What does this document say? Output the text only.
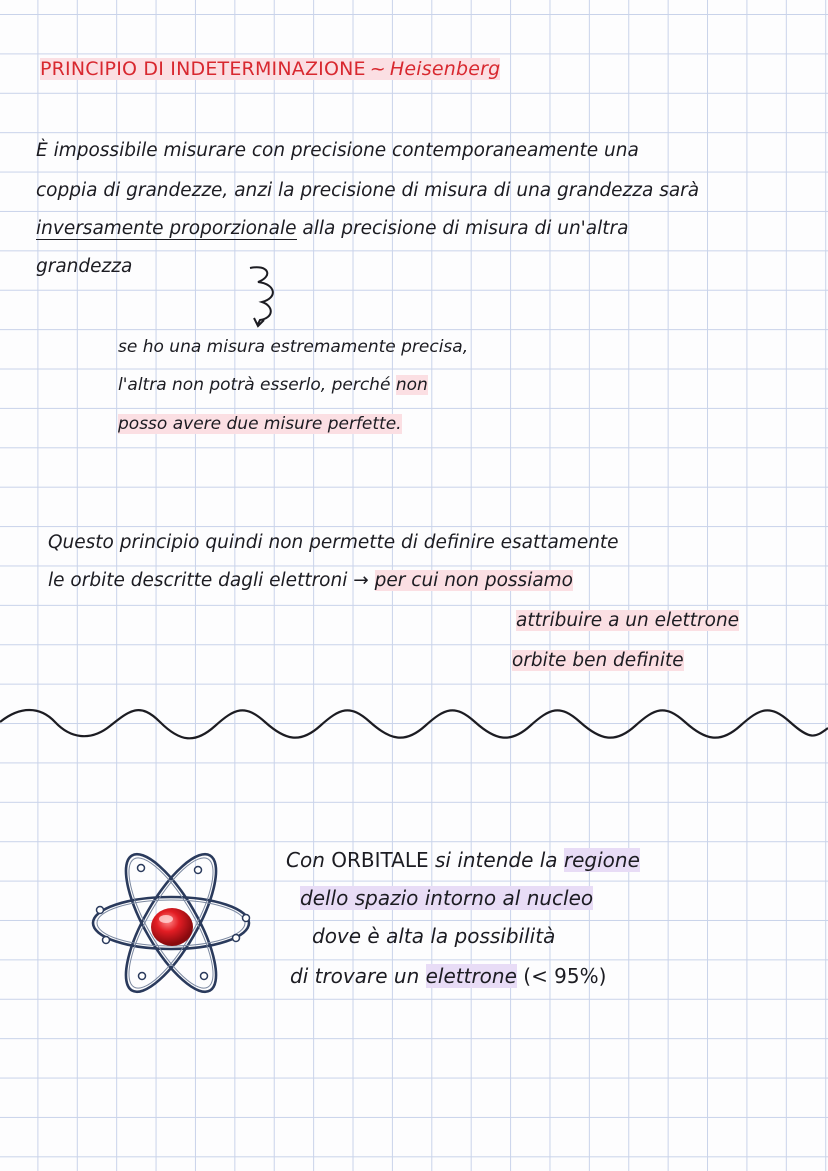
PRINCIPIO DI INDETERMINAZIONE ~ Heisenberg
È impossibile misurare con precisione contemporaneamente una
coppia di grandezze, anzi la precisione di misura di una grandezza sarà
inversamente proporzionale alla precisione di misura di un'altra
grandezza
se ho una misura estremamente precisa,
l'altra non potrà esserlo, perché non
posso avere due misure perfette.
Questo principio quindi non permette di definire esattamente
le orbite descritte dagli elettroni → per cui non possiamo
attribuire a un elettrone
orbite ben definite
Con ORBITALE si intende la regione
dello spazio intorno al nucleo
dove è alta la possibilità
di trovare un elettrone (< 95%)
